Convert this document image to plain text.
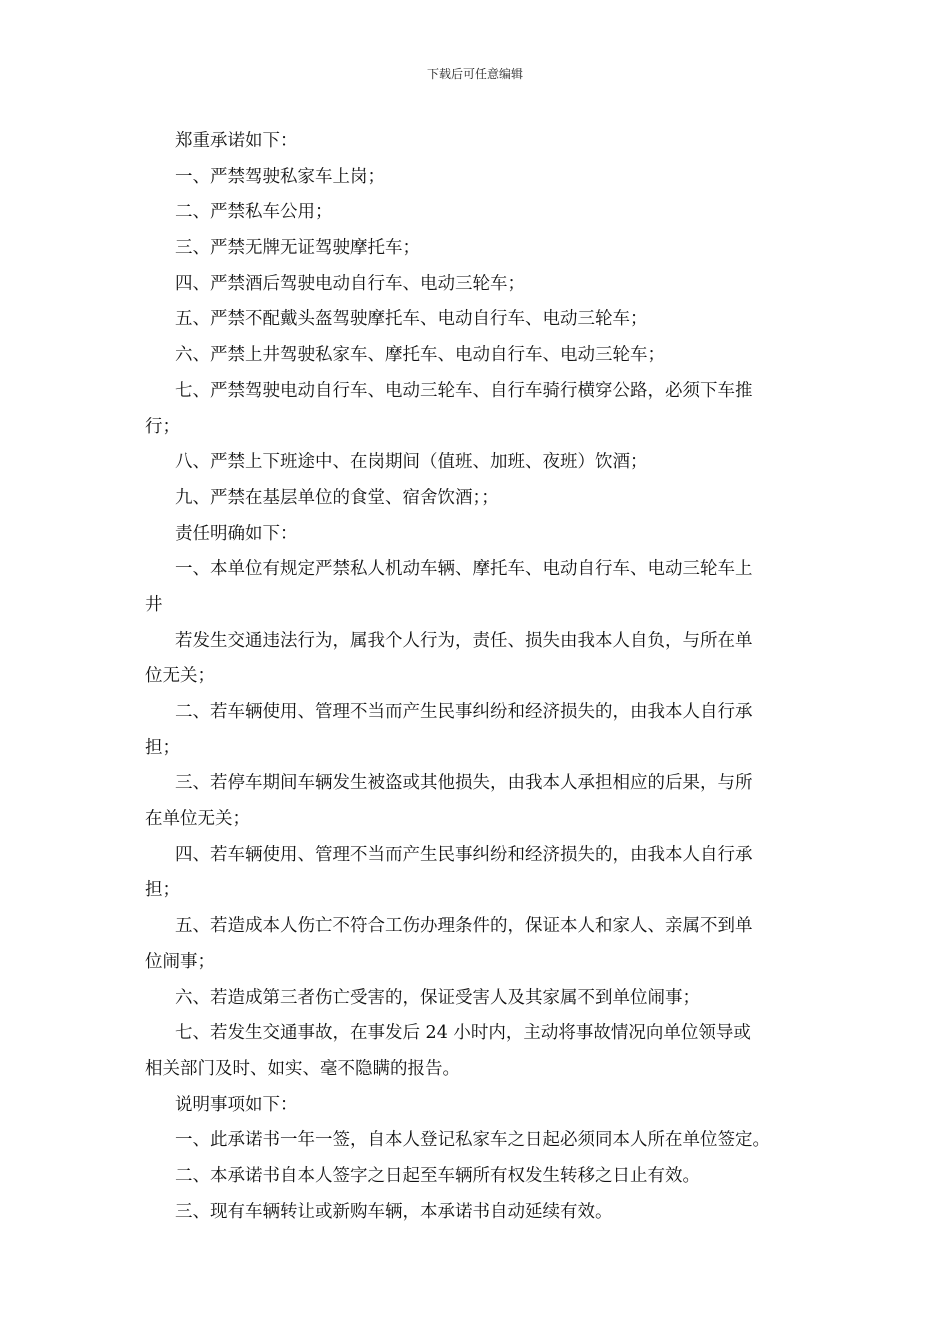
下载后可任意编辑
郑重承诺如下：
一、严禁驾驶私家车上岗；
二、严禁私车公用；
三、严禁无牌无证驾驶摩托车；
四、严禁酒后驾驶电动自行车、电动三轮车；
五、严禁不配戴头盔驾驶摩托车、电动自行车、电动三轮车；
六、严禁上井驾驶私家车、摩托车、电动自行车、电动三轮车；
七、严禁驾驶电动自行车、电动三轮车、自行车骑行横穿公路，必须下车推
行；
八、严禁上下班途中、在岗期间（值班、加班、夜班）饮酒；
九、严禁在基层单位的食堂、宿舍饮酒；；
责任明确如下：
一、本单位有规定严禁私人机动车辆、摩托车、电动自行车、电动三轮车上
井
若发生交通违法行为，属我个人行为，责任、损失由我本人自负，与所在单
位无关；
二、若车辆使用、管理不当而产生民事纠纷和经济损失的，由我本人自行承
担；
三、若停车期间车辆发生被盗或其他损失，由我本人承担相应的后果，与所
在单位无关；
四、若车辆使用、管理不当而产生民事纠纷和经济损失的，由我本人自行承
担；
五、若造成本人伤亡不符合工伤办理条件的，保证本人和家人、亲属不到单
位闹事；
六、若造成第三者伤亡受害的，保证受害人及其家属不到单位闹事；
七、若发生交通事故，在事发后 24 小时内，主动将事故情况向单位领导或
相关部门及时、如实、毫不隐瞒的报告。
说明事项如下：
一、此承诺书一年一签，自本人登记私家车之日起必须同本人所在单位签定。
二、本承诺书自本人签字之日起至车辆所有权发生转移之日止有效。
三、现有车辆转让或新购车辆，本承诺书自动延续有效。
